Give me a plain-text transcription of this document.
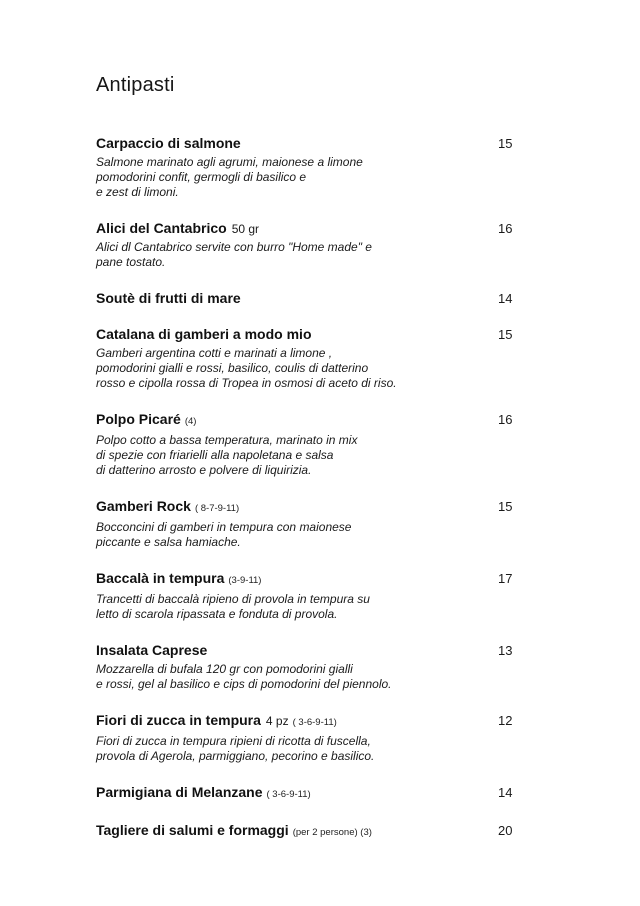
Antipasti
Carpaccio di salmone	15
Salmone marinato agli agrumi, maionese a limone
pomodorini confit, germogli di basilico e
e zest di limoni.
Alici del Cantabrico 50 gr	16
Alici dl Cantabrico servite con burro "Home made" e
pane tostato.
Soutè di frutti di mare	14
Catalana di gamberi a modo mio	15
Gamberi argentina cotti e marinati a limone ,
pomodorini gialli e rossi, basilico, coulis di datterino
rosso e cipolla rossa di Tropea in osmosi di aceto di riso.
Polpo Picaré (4)	16
Polpo cotto a bassa temperatura, marinato in mix
di spezie con friarielli alla napoletana e salsa
di datterino arrosto e polvere di liquirizia.
Gamberi Rock ( 8-7-9-11)	15
Bocconcini di gamberi in tempura con maionese
piccante e salsa hamiache.
Baccalà in tempura (3-9-11)	17
Trancetti di baccalà ripieno di provola in tempura su
letto di scarola ripassata e fonduta di provola.
Insalata Caprese	13
Mozzarella di bufala 120 gr con pomodorini gialli
e rossi, gel al basilico e cips di pomodorini del piennolo.
Fiori di zucca in tempura 4 pz ( 3-6-9-11)	12
Fiori di zucca in tempura ripieni di ricotta di fuscella,
provola di Agerola, parmiggiano, pecorino e basilico.
Parmigiana di Melanzane ( 3-6-9-11)	14
Tagliere di salumi e formaggi (per 2 persone) (3)	20
